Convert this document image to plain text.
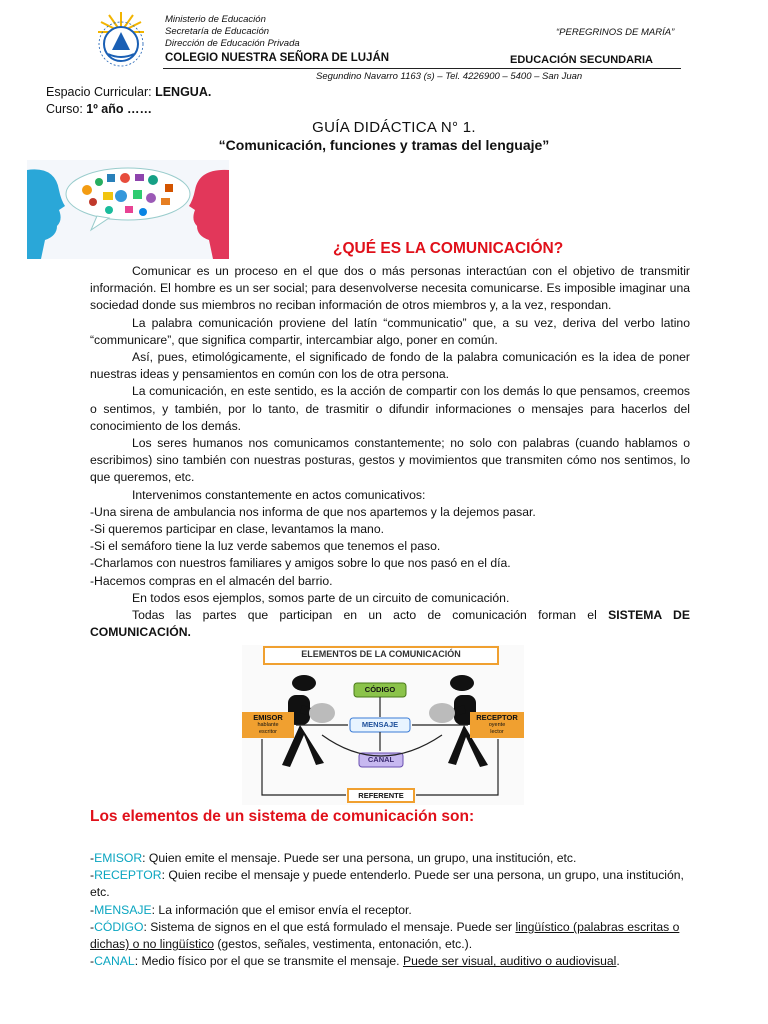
Ministerio de Educación
Secretaría de Educación
Dirección de Educación Privada
COLEGIO NUESTRA SEÑORA DE LUJÁN
“PEREGRINOS DE MARÍA”
EDUCACIÓN SECUNDARIA
Segundino Navarro 1163 (s) – Tel. 4226900 – 5400 – San Juan
Espacio Curricular: LENGUA.
Curso: 1º año ……
GUÍA DIDÁCTICA N° 1.
“Comunicación, funciones y tramas del lenguaje”
¿QUÉ ES LA COMUNICACIÓN?

Comunicar es un proceso en el que dos o más personas interactúan con el objetivo de transmitir información. El hombre es un ser social; para desenvolverse necesita comunicarse. Es imposible imaginar una sociedad donde sus miembros no reciban información de otros miembros y, a la vez, respondan.

La palabra comunicación proviene del latín “communicatio” que, a su vez, deriva del verbo latino “communicare”, que significa compartir, intercambiar algo, poner en común.

Así, pues, etimológicamente, el significado de fondo de la palabra comunicación es la idea de poner nuestras ideas y pensamientos en común con los de otra persona.

La comunicación, en este sentido, es la acción de compartir con los demás lo que pensamos, creemos o sentimos, y también, por lo tanto, de trasmitir o difundir informaciones o mensajes para hacerlos del conocimiento de los demás.

Los seres humanos nos comunicamos constantemente; no solo con palabras (cuando hablamos o escribimos) sino también con nuestras posturas, gestos y movimientos que transmiten cómo nos sentimos, lo que queremos, etc.

Intervenimos constantemente en actos comunicativos:

-Una sirena de ambulancia nos informa de que nos apartemos y la dejemos pasar.
-Si queremos participar en clase, levantamos la mano.
-Si el semáforo tiene la luz verde sabemos que tenemos el paso.
-Charlamos con nuestros familiares y amigos sobre lo que nos pasó en el día.
-Hacemos compras en el almacén del barrio.

En todos esos ejemplos, somos parte de un circuito de comunicación.

Todas las partes que participan en un acto de comunicación forman el SISTEMA DE COMUNICACIÓN.

ELEMENTOS DE LA COMUNICACIÓN
CÓDIGO
MENSAJE
CANAL
REFERENTE
EMISOR
hablante
escritor
RECEPTOR
oyente
lector
Los elementos de un sistema de comunicación son:
-EMISOR: Quien emite el mensaje. Puede ser una persona, un grupo, una institución, etc.
-RECEPTOR: Quien recibe el mensaje y puede entenderlo. Puede ser una persona, un grupo, una institución, etc.
-MENSAJE: La información que el emisor envía el receptor.
-CÓDIGO: Sistema de signos en el que está formulado el mensaje. Puede ser lingüístico (palabras escritas o dichas) o no lingüístico (gestos, señales, vestimenta, entonación, etc.).
-CANAL: Medio físico por el que se transmite el mensaje. Puede ser visual, auditivo o audiovisual.
